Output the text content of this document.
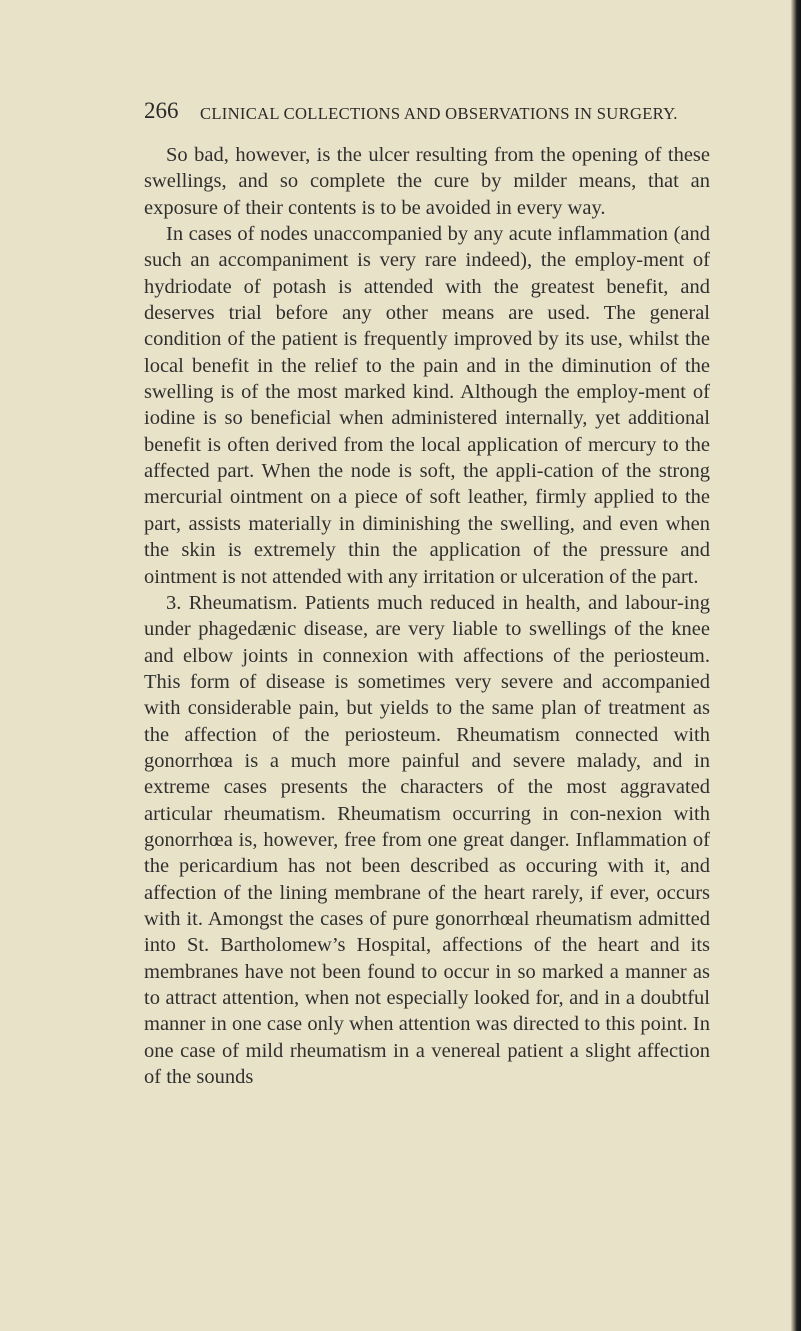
266 CLINICAL COLLECTIONS AND OBSERVATIONS IN SURGERY.

So bad, however, is the ulcer resulting from the opening of these swellings, and so complete the cure by milder means, that an exposure of their contents is to be avoided in every way.

In cases of nodes unaccompanied by any acute inflammation (and such an accompaniment is very rare indeed), the employ-ment of hydriodate of potash is attended with the greatest benefit, and deserves trial before any other means are used. The general condition of the patient is frequently improved by its use, whilst the local benefit in the relief to the pain and in the diminution of the swelling is of the most marked kind. Although the employ-ment of iodine is so beneficial when administered internally, yet additional benefit is often derived from the local application of mercury to the affected part. When the node is soft, the appli-cation of the strong mercurial ointment on a piece of soft leather, firmly applied to the part, assists materially in diminishing the swelling, and even when the skin is extremely thin the application of the pressure and ointment is not attended with any irritation or ulceration of the part.

3. Rheumatism. Patients much reduced in health, and labour-ing under phagedænic disease, are very liable to swellings of the knee and elbow joints in connexion with affections of the periosteum. This form of disease is sometimes very severe and accompanied with considerable pain, but yields to the same plan of treatment as the affection of the periosteum. Rheumatism connected with gonorrhœa is a much more painful and severe malady, and in extreme cases presents the characters of the most aggravated articular rheumatism. Rheumatism occurring in con-nexion with gonorrhœa is, however, free from one great danger. Inflammation of the pericardium has not been described as occuring with it, and affection of the lining membrane of the heart rarely, if ever, occurs with it. Amongst the cases of pure gonorrhœal rheumatism admitted into St. Bartholomew’s Hospital, affections of the heart and its membranes have not been found to occur in so marked a manner as to attract attention, when not especially looked for, and in a doubtful manner in one case only when attention was directed to this point. In one case of mild rheumatism in a venereal patient a slight affection of the sounds
